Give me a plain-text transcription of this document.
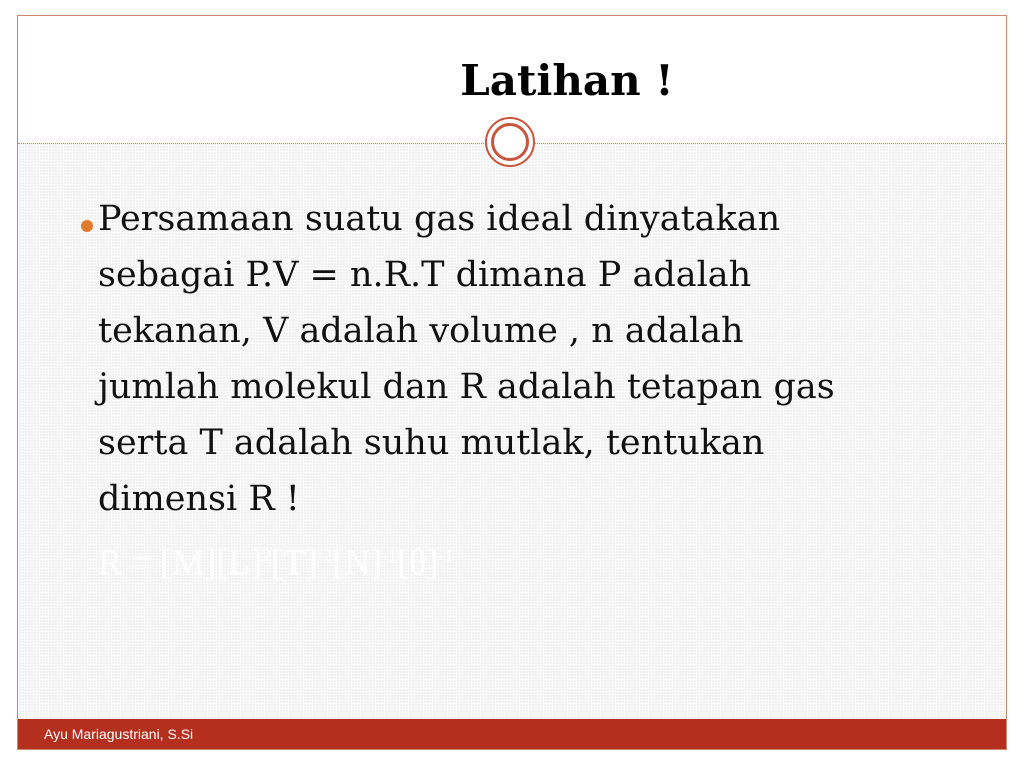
Latihan !

Persamaan suatu gas ideal dinyatakan
sebagai P.V = n.R.T dimana P adalah
tekanan, V adalah volume , n adalah
jumlah molekul dan R adalah tetapan gas
serta T adalah suhu mutlak, tentukan
dimensi R !

$R = [M][L]^2[T]^{-2}[N]^{-1}[\theta]^{-1}$
Ayu Mariagustriani, S.Si
